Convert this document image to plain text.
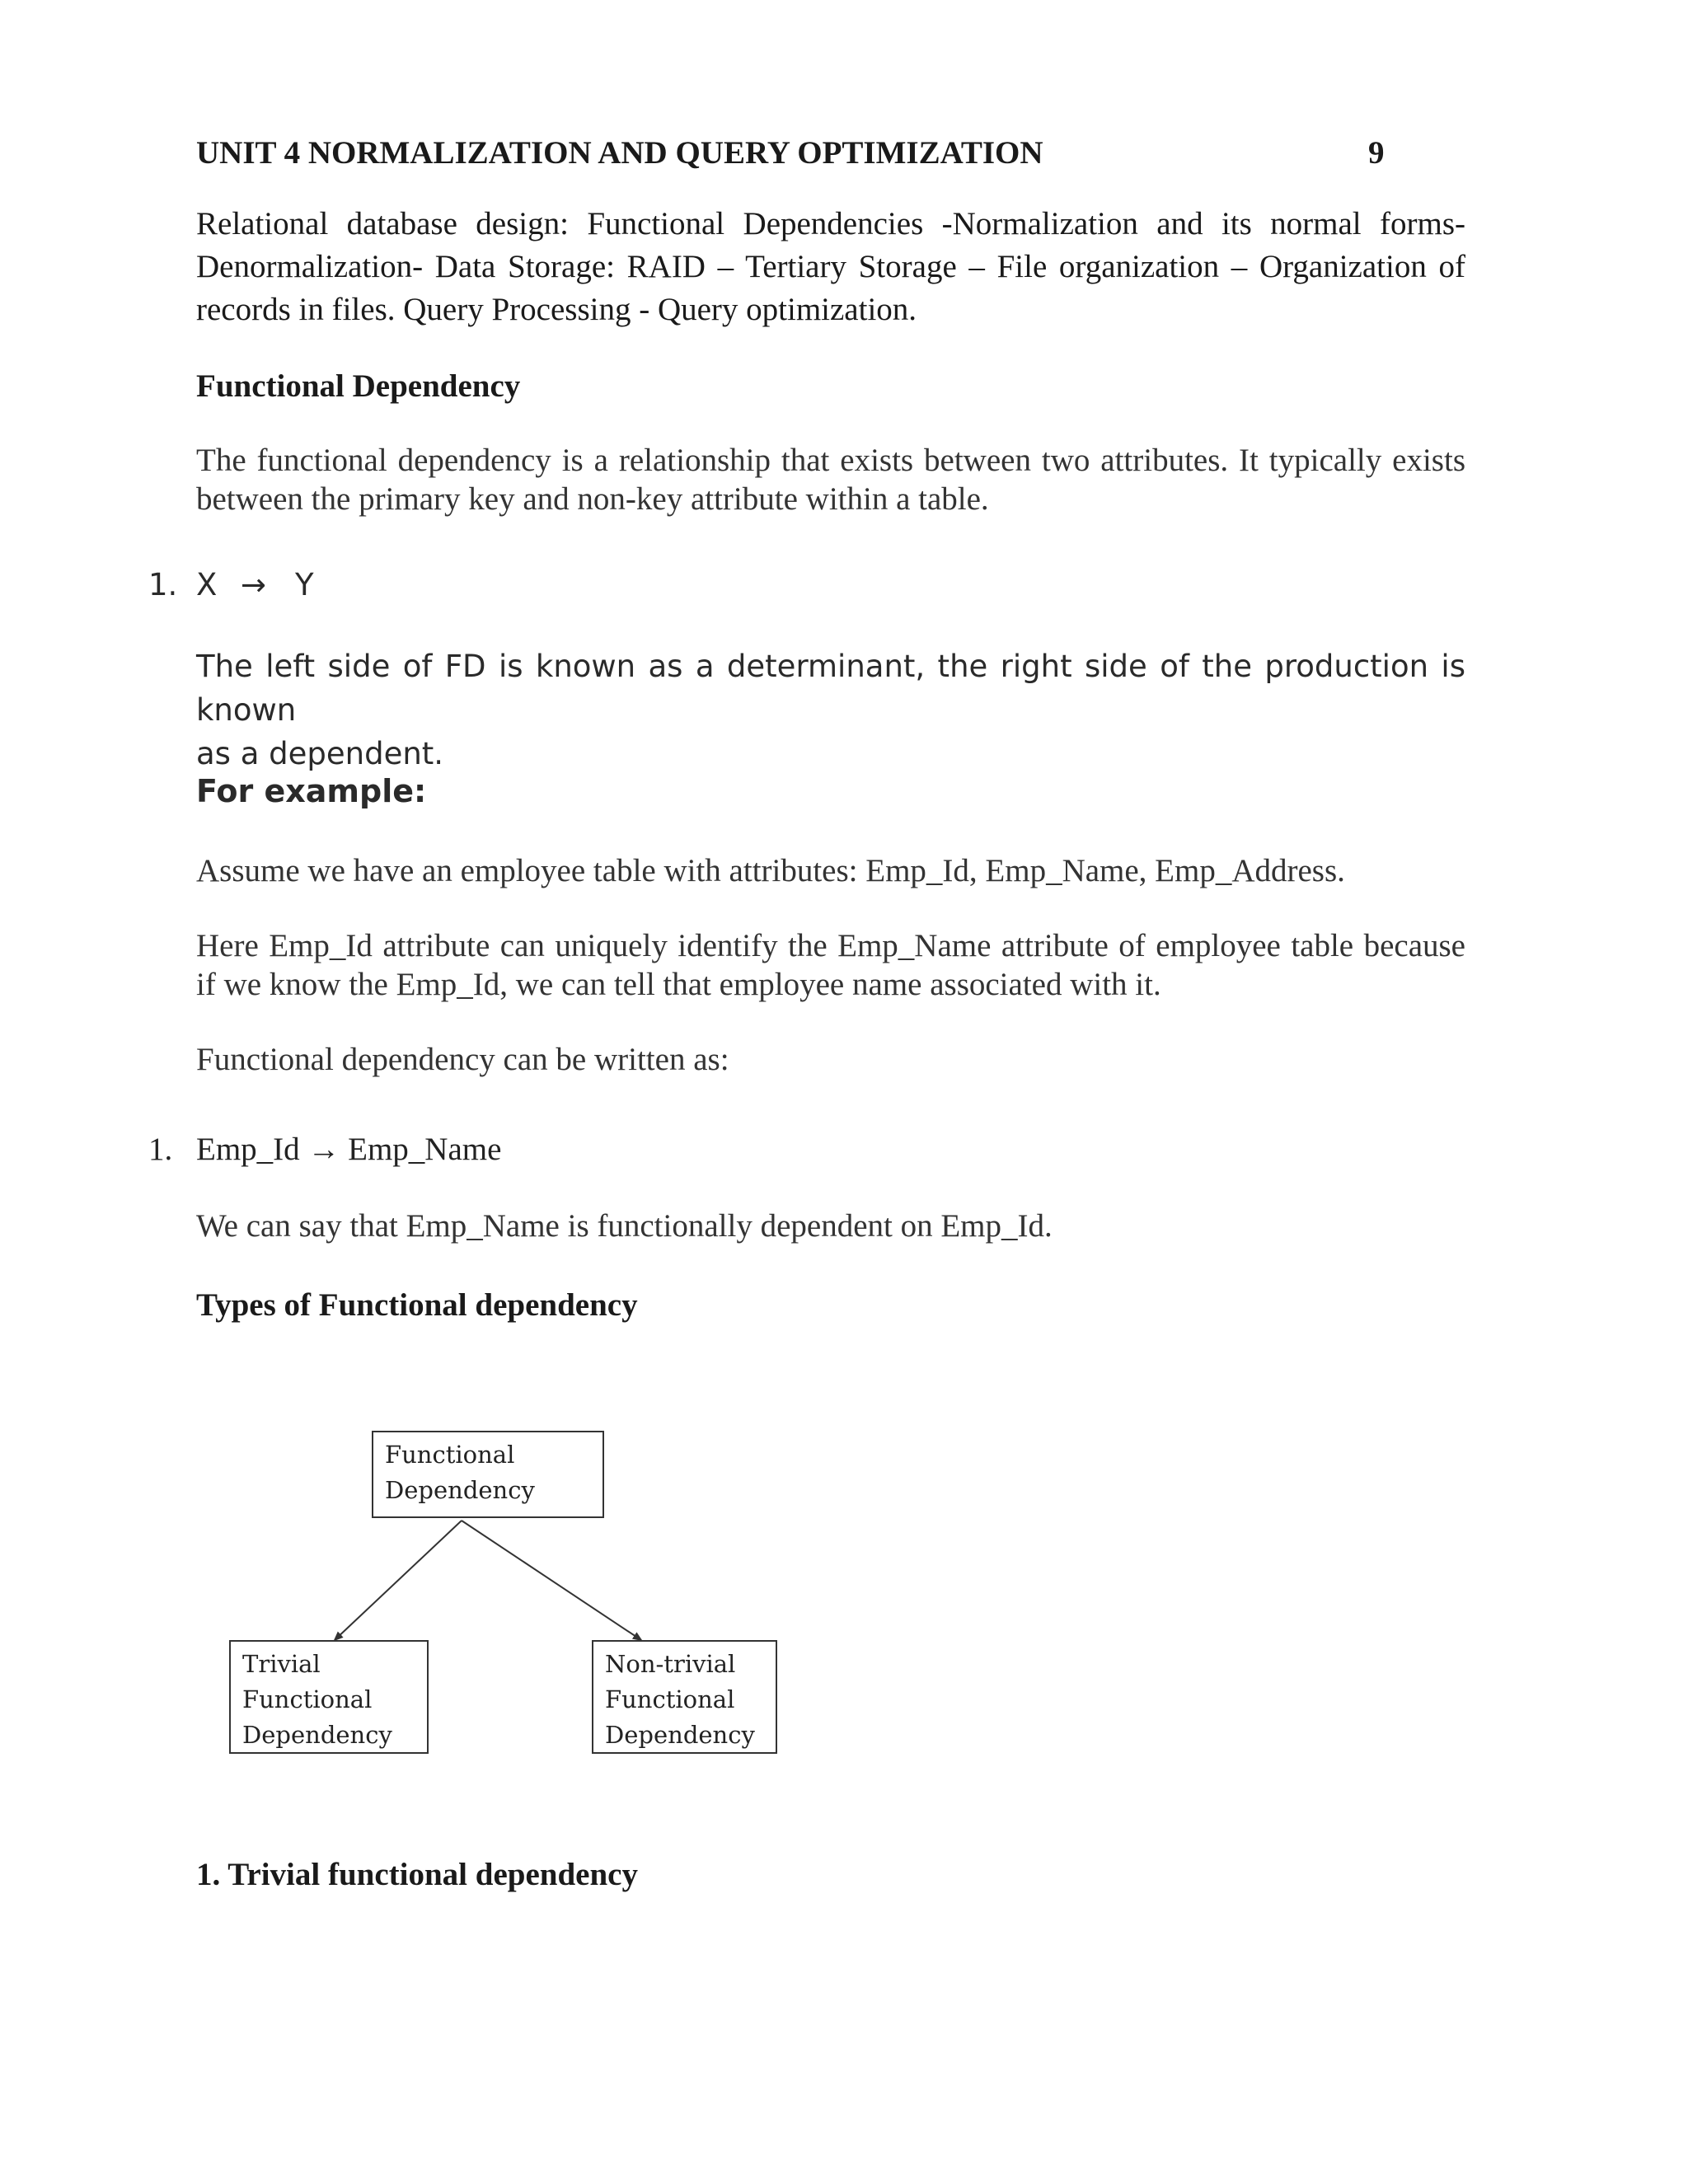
UNIT 4 NORMALIZATION AND QUERY OPTIMIZATION	9
Relational database design: Functional Dependencies -Normalization and its normal forms-
Denormalization- Data Storage: RAID – Tertiary Storage – File organization – Organization of
records in files. Query Processing - Query optimization.
Functional Dependency
The functional dependency is a relationship that exists between two attributes. It typically exists
between the primary key and non-key attribute within a table.
1. X → Y
The left side of FD is known as a determinant, the right side of the production is known
as a dependent.
For example:
Assume we have an employee table with attributes: Emp_Id, Emp_Name, Emp_Address.
Here Emp_Id attribute can uniquely identify the Emp_Name attribute of employee table because
if we know the Emp_Id, we can tell that employee name associated with it.
Functional dependency can be written as:
1. Emp_Id → Emp_Name
We can say that Emp_Name is functionally dependent on Emp_Id.
Types of Functional dependency
Functional
Dependency
Trivial
Functional
Dependency
Non-trivial
Functional
Dependency
1. Trivial functional dependency
